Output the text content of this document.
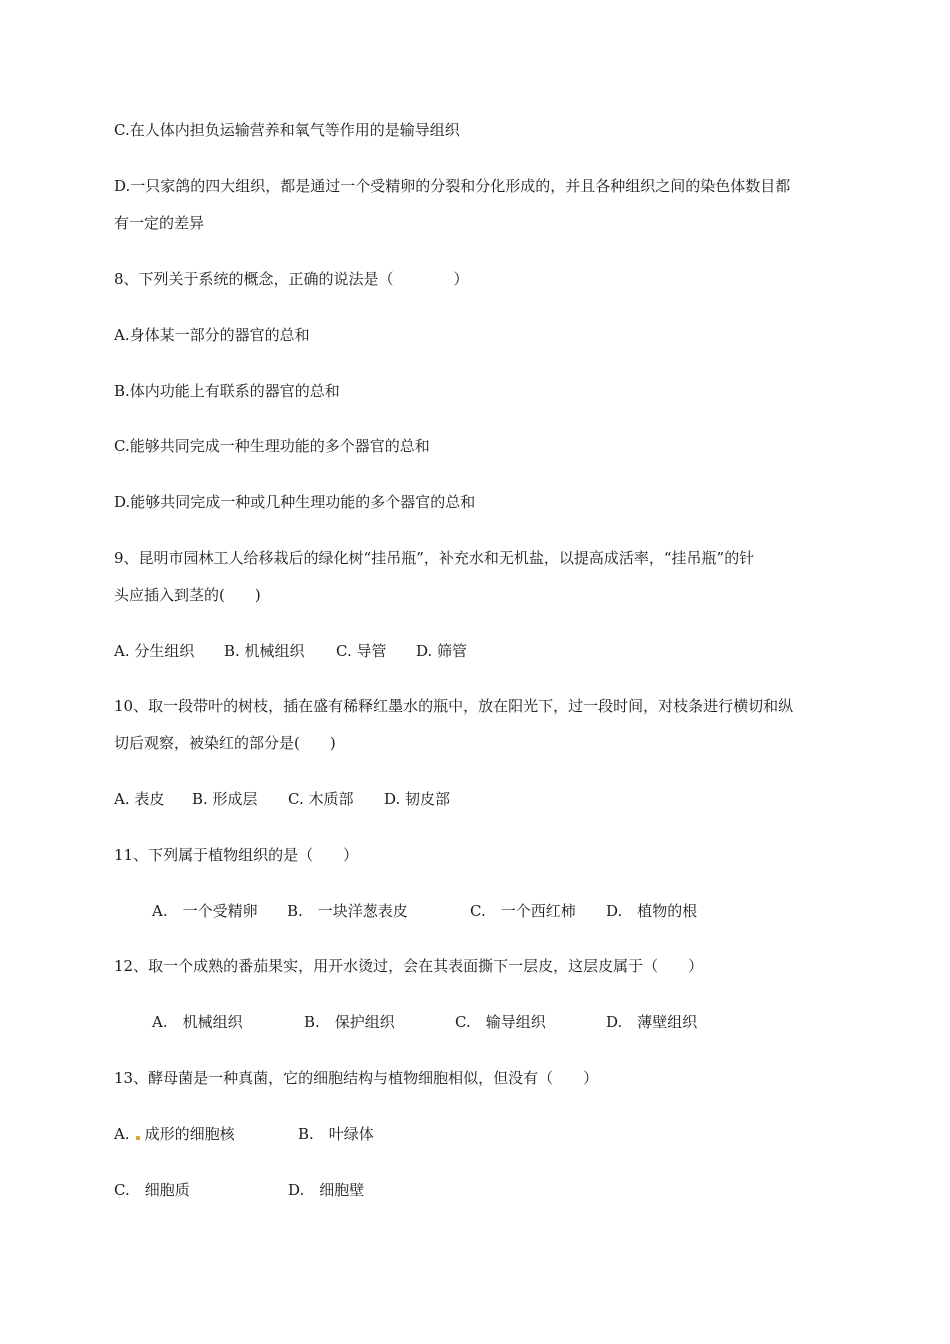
C.在人体内担负运输营养和氧气等作用的是输导组织
D.一只家鸽的四大组织，都是通过一个受精卵的分裂和分化形成的，并且各种组织之间的染色体数目都
有一定的差异
8、下列关于系统的概念，正确的说法是（　　　　）
A.身体某一部分的器官的总和
B.体内功能上有联系的器官的总和
C.能够共同完成一种生理功能的多个器官的总和
D.能够共同完成一种或几种生理功能的多个器官的总和
9、昆明市园林工人给移栽后的绿化树“挂吊瓶”，补充水和无机盐，以提高成活率，“挂吊瓶”的针
头应插入到茎的(　　)
A. 分生组织 B. 机械组织 C. 导管 D. 筛管
10、取一段带叶的树枝，插在盛有稀释红墨水的瓶中，放在阳光下，过一段时间，对枝条进行横切和纵
切后观察，被染红的部分是(　　)
A. 表皮 B. 形成层 C. 木质部 D. 韧皮部
11、下列属于植物组织的是（　　）
A.　一个受精卵 B.　一块洋葱表皮	C.　一个西红柿 D.　植物的根
12、取一个成熟的番茄果实，用开水烫过，会在其表面撕下一层皮，这层皮属于（　　）
A.　机械组织	B.　保护组织	C.　输导组织	D.　薄壁组织
13、酵母菌是一种真菌，它的细胞结构与植物细胞相似，但没有（　　）
A. 成形的细胞核	B.　叶绿体
C.　细胞质	D.　细胞壁
